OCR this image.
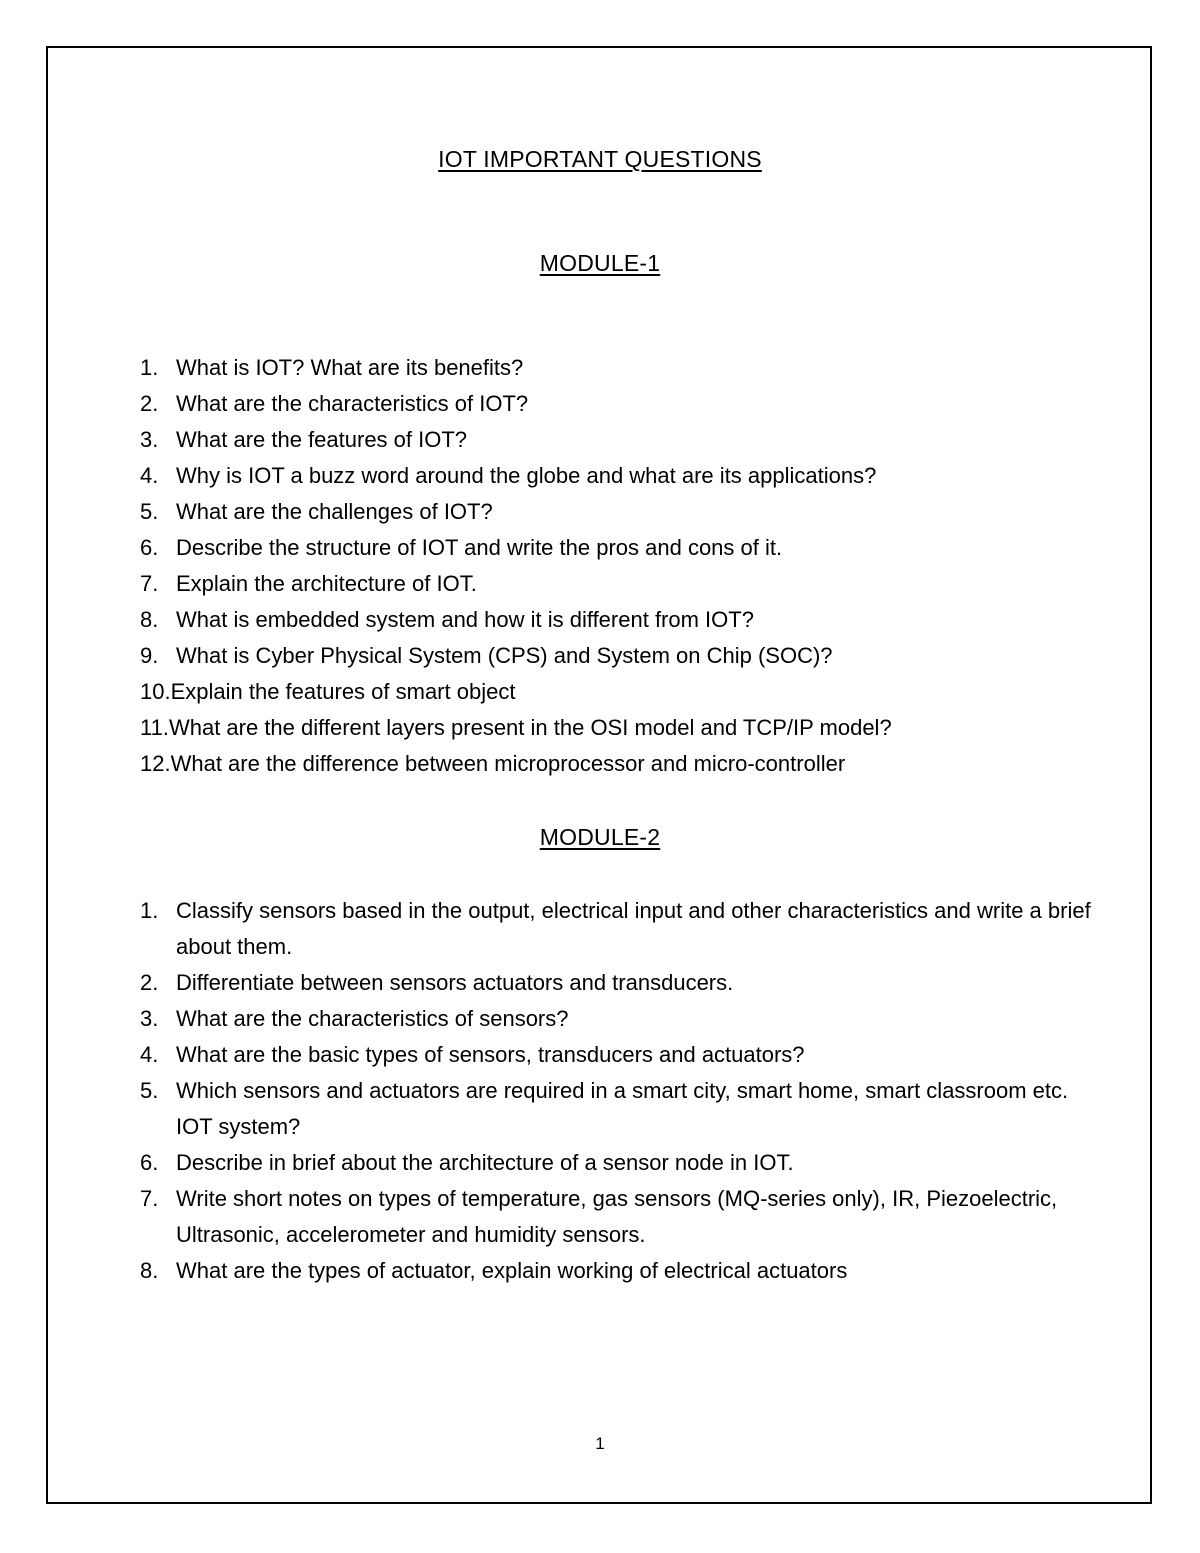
IOT IMPORTANT QUESTIONS
MODULE-1
1. What is IOT? What are its benefits?
2. What are the characteristics of IOT?
3. What are the features of IOT?
4. Why is IOT a buzz word around the globe and what are its applications?
5. What are the challenges of IOT?
6. Describe the structure of IOT and write the pros and cons of it.
7. Explain the architecture of IOT.
8. What is embedded system and how it is different from IOT?
9. What is Cyber Physical System (CPS) and System on Chip (SOC)?
10. Explain the features of smart object
11. What are the different layers present in the OSI model and TCP/IP model?
12. What are the difference between microprocessor and micro-controller
MODULE-2
1. Classify sensors based in the output, electrical input and other characteristics and write a brief about them.
2. Differentiate between sensors actuators and transducers.
3. What are the characteristics of sensors?
4. What are the basic types of sensors, transducers and actuators?
5. Which sensors and actuators are required in a smart city, smart home, smart classroom etc. IOT system?
6. Describe in brief about the architecture of a sensor node in IOT.
7. Write short notes on types of temperature, gas sensors (MQ-series only), IR, Piezoelectric, Ultrasonic, accelerometer and humidity sensors.
8. What are the types of actuator, explain working of electrical actuators
1
